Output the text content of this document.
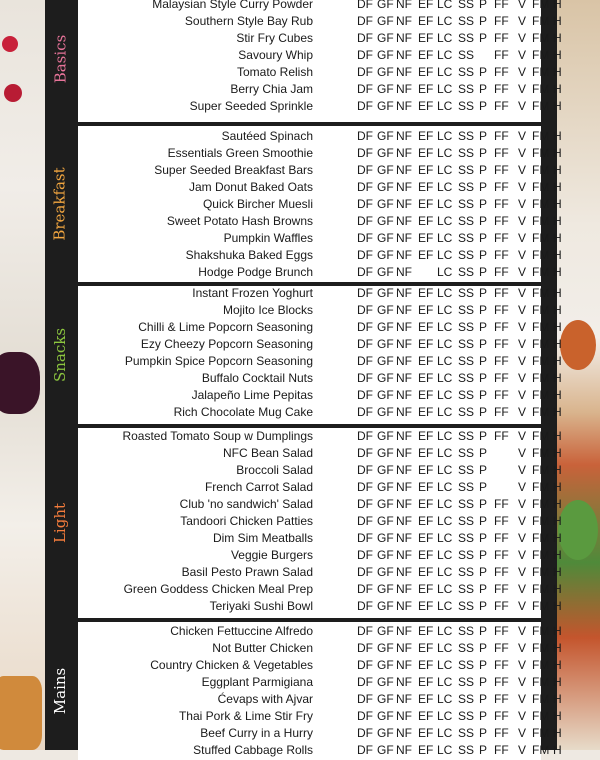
Basics
Malaysian Style Curry Powder	DF GF NF EF LC SS P FF V FM H
Southern Style Bay Rub	DF GF NF EF LC SS P FF V FM H
Stir Fry Cubes	DF GF NF EF LC SS P FF V FM H
Savoury Whip	DF GF NF EF LC SS FF V FM H
Tomato Relish	DF GF NF EF LC SS P FF V FM H
Berry Chia Jam	DF GF NF EF LC SS P FF V FM H
Super Seeded Sprinkle	DF GF NF EF LC SS P FF V FM H
Breakfast
Sautéed Spinach	DF GF NF EF LC SS P FF V FM H
Essentials Green Smoothie	DF GF NF EF LC SS P FF V FM H
Super Seeded Breakfast Bars	DF GF NF EF LC SS P FF V FM H
Jam Donut Baked Oats	DF GF NF EF LC SS P FF V FM H
Quick Bircher Muesli	DF GF NF EF LC SS P FF V FM H
Sweet Potato Hash Browns	DF GF NF EF LC SS P FF V FM H
Pumpkin Waffles	DF GF NF EF LC SS P FF V FM H
Shakshuka Baked Eggs	DF GF NF EF LC SS P FF V FM H
Hodge Podge Brunch	DF GF NF LC SS P FF V FM H
Snacks
Instant Frozen Yoghurt	DF GF NF EF LC SS P FF V FM H
Mojito Ice Blocks	DF GF NF EF LC SS P FF V FM H
Chilli & Lime Popcorn Seasoning	DF GF NF EF LC SS P FF V FM H
Ezy Cheezy Popcorn Seasoning	DF GF NF EF LC SS P FF V FM H
Pumpkin Spice Popcorn Seasoning	DF GF NF EF LC SS P FF V FM H
Buffalo Cocktail Nuts	DF GF NF EF LC SS P FF V FM H
Jalapeño Lime Pepitas	DF GF NF EF LC SS P FF V FM H
Rich Chocolate Mug Cake	DF GF NF EF LC SS P FF V FM H
Light
Roasted Tomato Soup w Dumplings	DF GF NF EF LC SS P FF V FM H
NFC Bean Salad	DF GF NF EF LC SS P	V FM H
Broccoli Salad	DF GF NF EF LC SS P	V FM H
French Carrot Salad	DF GF NF EF LC SS P	V FM H
Club 'no sandwich' Salad	DF GF NF EF LC SS P FF V FM H
Tandoori Chicken Patties	DF GF NF EF LC SS P FF V FM H
Dim Sim Meatballs	DF GF NF EF LC SS P FF V FM H
Veggie Burgers	DF GF NF EF LC SS P FF V FM H
Basil Pesto Prawn Salad	DF GF NF EF LC SS P FF V FM H
Green Goddess Chicken Meal Prep	DF GF NF EF LC SS P FF V FM H
Teriyaki Sushi Bowl	DF GF NF EF LC SS P FF V FM H
Mains
Chicken Fettuccine Alfredo	DF GF NF EF LC SS P FF V FM H
Not Butter Chicken	DF GF NF EF LC SS P FF V FM H
Country Chicken & Vegetables	DF GF NF EF LC SS P FF V FM H
Eggplant Parmigiana	DF GF NF EF LC SS P FF V FM H
Ćevaps with Ajvar	DF GF NF EF LC SS P FF V FM H
Thai Pork & Lime Stir Fry	DF GF NF EF LC SS P FF V FM H
Beef Curry in a Hurry	DF GF NF EF LC SS P FF V FM H
Stuffed Cabbage Rolls	DF GF NF EF LC SS P FF V FM H
